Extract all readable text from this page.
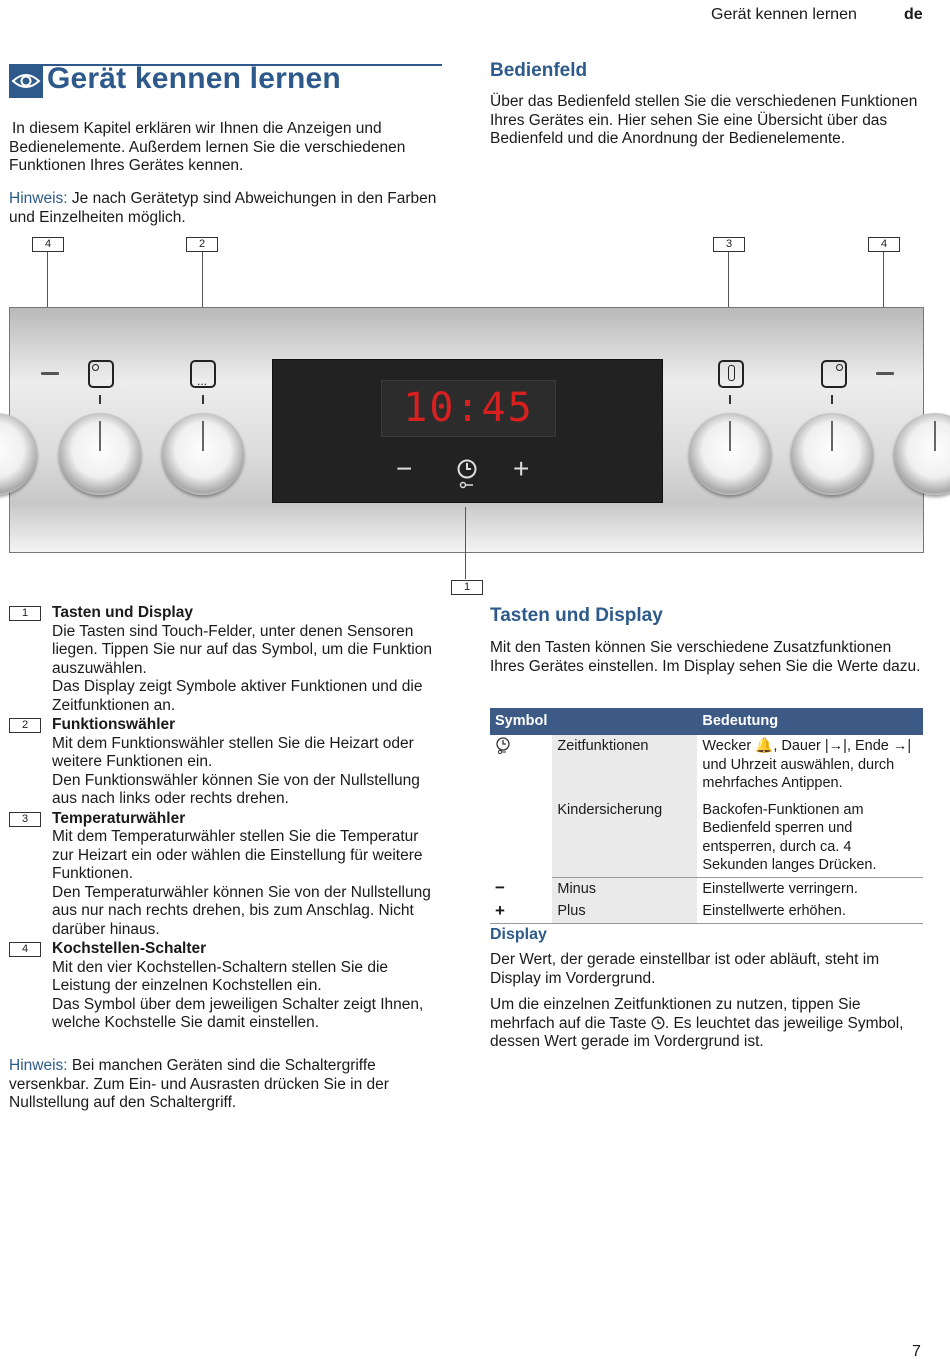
Gerät kennen lernen	de
Gerät kennen lernen

In diesem Kapitel erklären wir Ihnen die Anzeigen und Bedienelemente. Außerdem lernen Sie die verschiedenen Funktionen Ihres Gerätes kennen.

Hinweis: Je nach Gerätetyp sind Abweichungen in den Farben und Einzelheiten möglich.

Bedienfeld

Über das Bedienfeld stellen Sie die verschiedenen Funktionen Ihres Gerätes ein. Hier sehen Sie eine Übersicht über das Bedienfeld und die Anordnung der Bedienelemente.

4	2	3	4
...
10:45
−	+
1
1	Tasten und Display
Die Tasten sind Touch-Felder, unter denen Sensoren liegen. Tippen Sie nur auf das Symbol, um die Funktion auszuwählen.
Das Display zeigt Symbole aktiver Funktionen und die Zeitfunktionen an.
2	Funktionswähler
Mit dem Funktionswähler stellen Sie die Heizart oder weitere Funktionen ein.
Den Funktionswähler können Sie von der Nullstellung aus nach links oder rechts drehen.
3	Temperaturwähler
Mit dem Temperaturwähler stellen Sie die Temperatur zur Heizart ein oder wählen die Einstellung für weitere Funktionen.
Den Temperaturwähler können Sie von der Nullstellung aus nur nach rechts drehen, bis zum Anschlag. Nicht darüber hinaus.
4	Kochstellen-Schalter
Mit den vier Kochstellen-Schaltern stellen Sie die Leistung der einzelnen Kochstellen ein.
Das Symbol über dem jeweiligen Schalter zeigt Ihnen, welche Kochstelle Sie damit einstellen.

Hinweis: Bei manchen Geräten sind die Schaltergriffe versenkbar. Zum Ein- und Ausrasten drücken Sie in der Nullstellung auf den Schaltergriff.

Tasten und Display

Mit den Tasten können Sie verschiedene Zusatzfunktionen Ihres Gerätes einstellen. Im Display sehen Sie die Werte dazu.

Symbol		Bedeutung
	Zeitfunktionen	Wecker 🔔, Dauer |→|, Ende →| und Uhrzeit auswählen, durch mehrfaches Antippen.
	Kindersicherung	Backofen-Funktionen am Bedienfeld sperren und entsperren, durch ca. 4 Sekunden langes Drücken.
−	Minus	Einstellwerte verringern.
+	Plus	Einstellwerte erhöhen.
Display

Der Wert, der gerade einstellbar ist oder abläuft, steht im Display im Vordergrund.

Um die einzelnen Zeitfunktionen zu nutzen, tippen Sie mehrfach auf die Taste . Es leuchtet das jeweilige Symbol, dessen Wert gerade im Vordergrund ist.

7
